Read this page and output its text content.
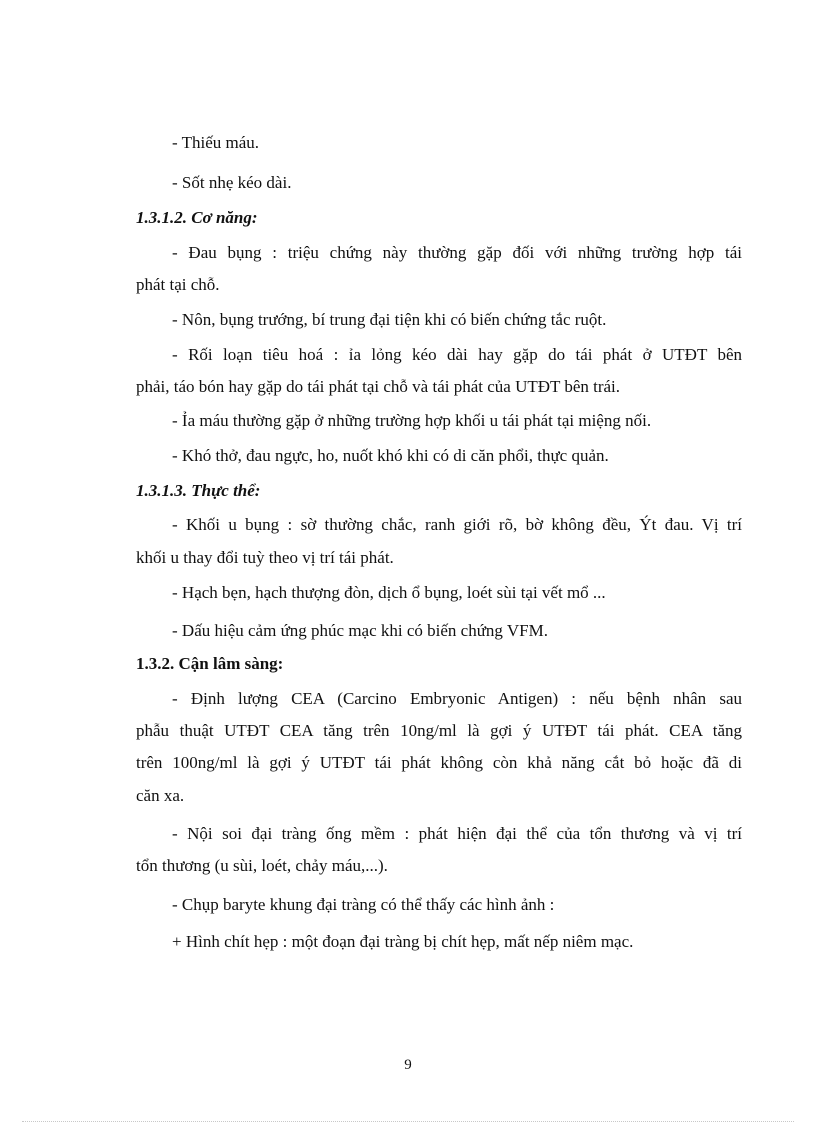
- Thiếu máu.
- Sốt nhẹ kéo dài.
1.3.1.2. Cơ năng:
- Đau bụng : triệu chứng này thường gặp đối với những trường hợp tái
phát tại chỗ.
- Nôn, bụng trướng, bí trung đại tiện khi có biến chứng tắc ruột.
- Rối loạn tiêu hoá : ỉa lỏng kéo dài hay gặp do tái phát ở UTĐT bên
phải, táo bón hay gặp do tái phát tại chỗ và tái phát của UTĐT bên trái.
- Ỉa máu thường gặp ở những trường hợp khối u tái phát tại miệng nối.
- Khó thở, đau ngực, ho, nuốt khó khi có di căn phổi, thực quản.
1.3.1.3. Thực thể:
- Khối u bụng : sờ thường chắc, ranh giới rõ, bờ không đều, Ýt đau. Vị trí
khối u thay đổi tuỳ theo vị trí tái phát.
- Hạch bẹn, hạch thượng đòn, dịch ổ bụng, loét sùi tại vết mổ ...
- Dấu hiệu cảm ứng phúc mạc khi có biến chứng VFM.
1.3.2. Cận lâm sàng:
- Định lượng CEA (Carcino Embryonic Antigen) : nếu bệnh nhân sau
phẫu thuật UTĐT CEA tăng trên 10ng/ml là gợi ý UTĐT tái phát. CEA tăng
trên 100ng/ml là gợi ý UTĐT tái phát không còn khả năng cắt bỏ hoặc đã di
căn xa.
- Nội soi đại tràng ống mềm : phát hiện đại thể của tổn thương và vị trí
tổn thương (u sùi, loét, chảy máu,...).
- Chụp baryte khung đại tràng có thể thấy các hình ảnh :
+ Hình chít hẹp : một đoạn đại tràng bị chít hẹp, mất nếp niêm mạc.
9
